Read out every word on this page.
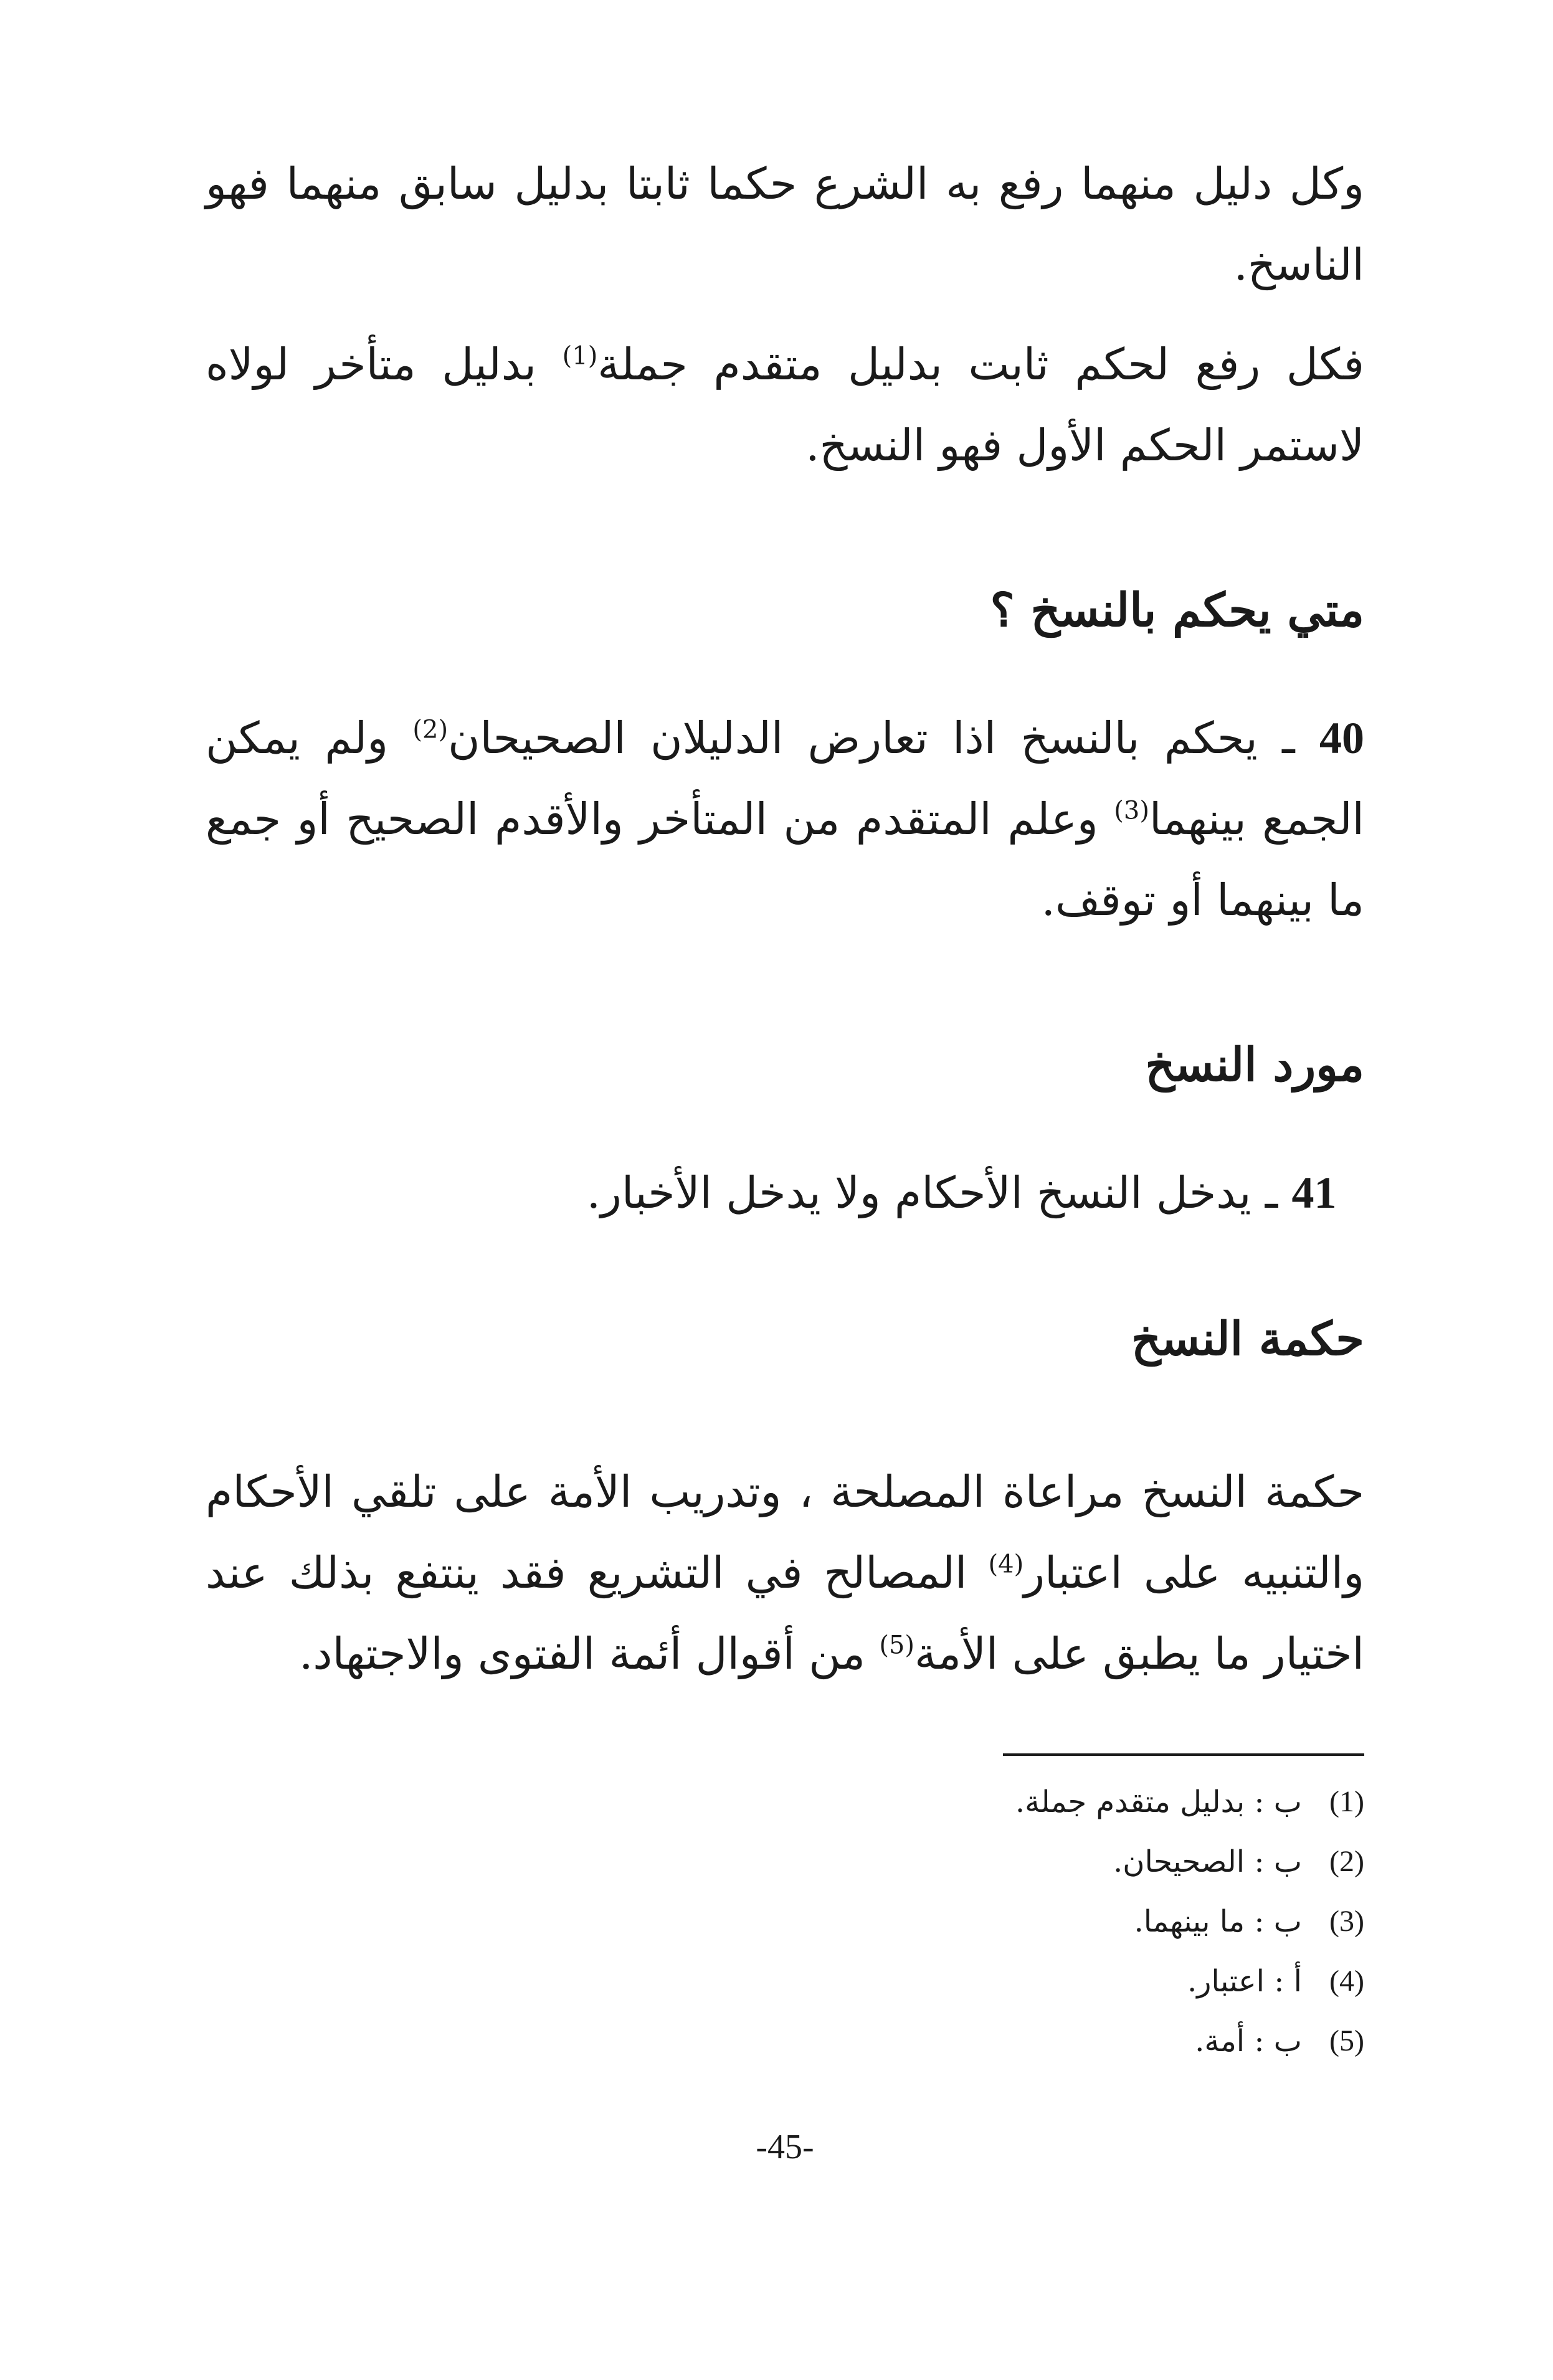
وكل دليل منهما رفع به الشرع حكما ثابتا بدليل سابق منهما فهو الناسخ.

فكل رفع لحكم ثابت بدليل متقدم جملة$^{(1)}$ بدليل متأخر لولاه لاستمر الحكم الأول فهو النسخ.

متي يحكم بالنسخ ؟

40 ـ يحكم بالنسخ اذا تعارض الدليلان الصحيحان$^{(2)}$ ولم يمكن الجمع بينهما$^{(3)}$ وعلم المتقدم من المتأخر والأقدم الصحيح أو جمع ما بينهما أو توقف.

مورد النسخ

41 ـ يدخل النسخ الأحكام ولا يدخل الأخبار.

حكمة النسخ

حكمة النسخ مراعاة المصلحة ، وتدريب الأمة على تلقي الأحكام والتنبيه على اعتبار$^{(4)}$ المصالح في التشريع فقد ينتفع بذلك عند اختيار ما يطبق على الأمة$^{(5)}$ من أقوال أئمة الفتوى والاجتهاد.

(1)
ب : بدليل متقدم جملة.
(2)
ب : الصحيحان.
(3)
ب : ما بينهما.
(4)
أ : اعتبار.
(5)
ب : أمة.
-45-
